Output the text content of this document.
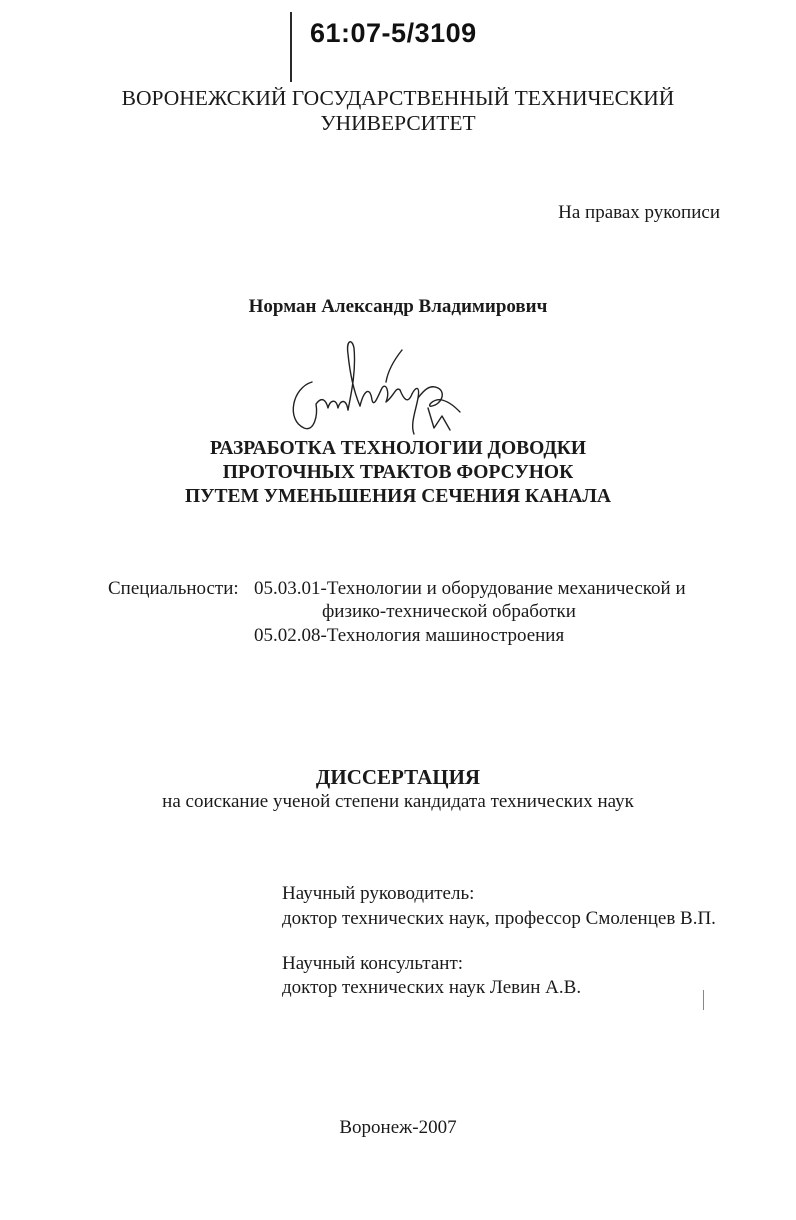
61:07-5/3109
ВОРОНЕЖСКИЙ ГОСУДАРСТВЕННЫЙ ТЕХНИЧЕСКИЙ
УНИВЕРСИТЕТ
На правах рукописи
Норман Александр Владимирович
РАЗРАБОТКА ТЕХНОЛОГИИ ДОВОДКИ
ПРОТОЧНЫХ ТРАКТОВ ФОРСУНОК
ПУТЕМ УМЕНЬШЕНИЯ СЕЧЕНИЯ КАНАЛА
Специальности: 05.03.01-Технологии и оборудование механической и
физико-технической обработки
05.02.08-Технология машиностроения
ДИССЕРТАЦИЯ
на соискание ученой степени кандидата технических наук
Научный руководитель:
доктор технических наук, профессор Смоленцев В.П.
Научный консультант:
доктор технических наук Левин А.В.
Воронеж-2007
